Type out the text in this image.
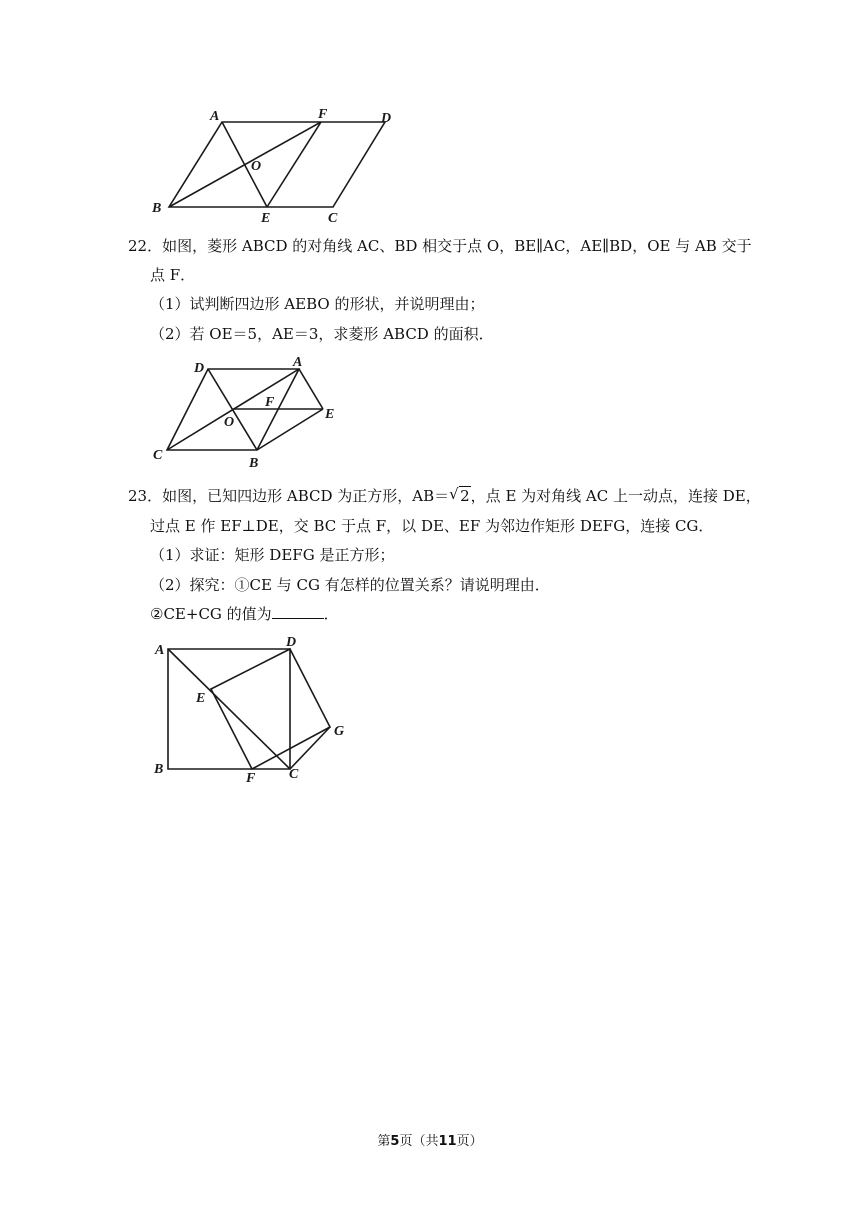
A	F	D
O
B
E	C
22．如图，菱形 ABCD 的对角线 AC、BD 相交于点 O，BE∥AC，AE∥BD，OE 与 AB 交于
点 F．
（1）试判断四边形 AEBO 的形状，并说明理由；
（2）若 OE＝5，AE＝3，求菱形 ABCD 的面积．
D	A
F
O
E
C
B
23．如图，已知四边形 ABCD 为正方形，AB＝ √ 2，点 E 为对角线 AC 上一动点，连接 DE，
过点 E 作 EF⊥DE，交 BC 于点 F，以 DE、EF 为邻边作矩形 DEFG，连接 CG．
（1）求证：矩形 DEFG 是正方形；
（2）探究：①CE 与 CG 有怎样的位置关系？请说明理由．
②CE+CG 的值为	．
A
D
E
G
B
F C
第5页（共11页）
